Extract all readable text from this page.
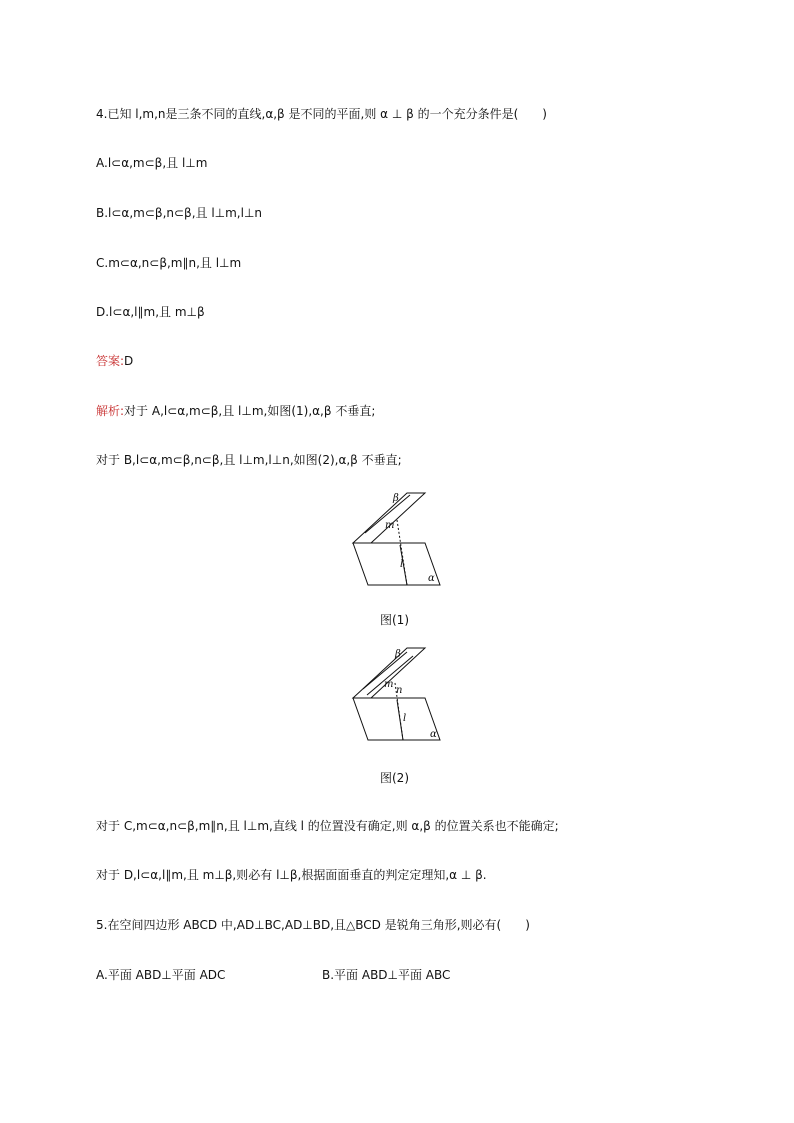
4.已知 l,m,n是三条不同的直线,α,β 是不同的平面,则 α ⊥ β 的一个充分条件是(　　)
A.l⊂α,m⊂β,且 l⊥m
B.l⊂α,m⊂β,n⊂β,且 l⊥m,l⊥n
C.m⊂α,n⊂β,m∥n,且 l⊥m
D.l⊂α,l∥m,且 m⊥β
答案:D
解析:对于 A,l⊂α,m⊂β,且 l⊥m,如图(1),α,β 不垂直;
对于 B,l⊂α,m⊂β,n⊂β,且 l⊥m,l⊥n,如图(2),α,β 不垂直;
β
m
l
α
图(1)
β
m
n
l
α
图(2)
对于 C,m⊂α,n⊂β,m∥n,且 l⊥m,直线 l 的位置没有确定,则 α,β 的位置关系也不能确定;
对于 D,l⊂α,l∥m,且 m⊥β,则必有 l⊥β,根据面面垂直的判定定理知,α ⊥ β.
5.在空间四边形 ABCD 中,AD⊥BC,AD⊥BD,且△BCD 是锐角三角形,则必有(　　)
A.平面 ABD⊥平面 ADC	B.平面 ABD⊥平面 ABC
